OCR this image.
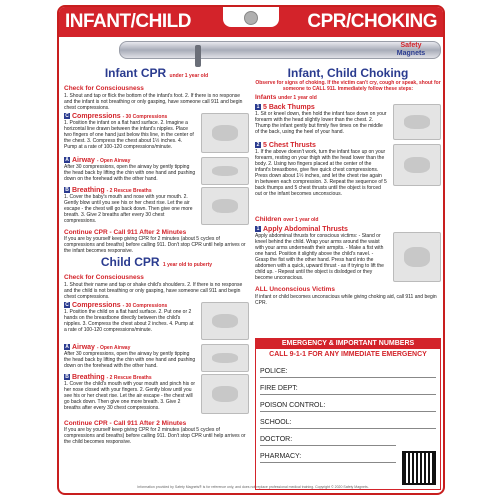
INFANT/CHILD	CPR/CHOKING
Safety
Magnets
Infant CPR under 1 year old
Check for Consciousness
1. Shout and tap or flick the bottom of the infant's foot. 2. If there is no response and the infant is not breathing or only gasping, have someone call 911 and begin chest compressions.
C Compressions - 30 Compressions
1. Position the infant on a flat hard surface. 2. Imagine a horizontal line drawn between the infant's nipples. Place two fingers of one hand just below this line, in the center of the chest. 3. Compress the chest about 1½ inches. 4. Pump at a rate of 100-120 compressions/minute.
A Airway - Open Airway
After 30 compressions, open the airway by gently tipping the head back by lifting the chin with one hand and pushing down on the forehead with the other hand.
B Breathing - 2 Rescue Breaths
1. Cover the baby's mouth and nose with your mouth. 2. Gently blow until you see his or her chest rise. Let the air escape - the chest will go back down. Then give one more breath. 3. Give 2 breaths after every 30 chest compressions.
Continue CPR - Call 911 After 2 Minutes
If you are by yourself keep giving CPR for 2 minutes (about 5 cycles of compressions and breaths) before calling 911. Don't stop CPR until help arrives or the infant becomes responsive.
Child CPR 1 year old to puberty
Check for Consciousness
1. Shout their name and tap or shake child's shoulders. 2. If there is no response and the child is not breathing or only gasping, have someone call 911 and begin chest compressions.
C Compressions - 30 Compressions
1. Position the child on a flat hard surface. 2. Put one or 2 hands on the breastbone directly between the child's nipples. 3. Compress the chest about 2 inches. 4. Pump at a rate of 100-120 compressions/minute.
A Airway - Open Airway
After 30 compressions, open the airway by gently tipping the head back by lifting the chin with one hand and pushing down on the forehead with the other hand.
B Breathing - 2 Rescue Breaths
1. Cover the child's mouth with your mouth and pinch his or her nose closed with your fingers. 2. Gently blow until you see his or her chest rise. Let the air escape - the chest will go back down. Then give one more breath. 3. Give 2 breaths after every 30 chest compressions.
Continue CPR - Call 911 After 2 Minutes
If you are by yourself keep giving CPR for 2 minutes (about 5 cycles of compressions and breaths) before calling 911. Don't stop CPR until help arrives or the child becomes responsive.
Infant, Child Choking
Observe for signs of choking. If the victim can't cry, cough or speak, shout for someone to CALL 911. Immediately follow these steps:
Infants under 1 year old
1 5 Back Thumps
1. Sit or kneel down, then hold the infant face down on your forearm with the head slightly lower than the chest. 2. Thump the infant gently but firmly five times on the middle of the back, using the heel of your hand.
2 5 Chest Thrusts
1. If the above doesn't work, turn the infant face up on your forearm, resting on your thigh with the head lower than the body. 2. Using two fingers placed at the center of the infant's breastbone, give five quick chest compressions. Press down about 1½ inches, and let the chest rise again in between each compression. 3. Repeat the sequence of 5 back thumps and 5 chest thrusts until the object is forced out or the infant becomes unconscious.
Children over 1 year old
1 Apply Abdominal Thrusts
Apply abdominal thrusts for conscious victims: - Stand or kneel behind the child. Wrap your arms around the waist with your arms underneath their armpits. - Make a fist with one hand. Position it slightly above the child's navel. - Grasp the fist with the other hand. Press hard into the abdomen with a quick, upward thrust - as if trying to lift the child up. - Repeat until the object is dislodged or they become unconscious.
ALL Unconscious Victims
If infant or child becomes unconscious while giving choking aid, call 911 and begin CPR.
EMERGENCY & IMPORTANT NUMBERS
CALL 9-1-1 FOR ANY IMMEDIATE EMERGENCY
POLICE:
FIRE DEPT:
POISON CONTROL:
SCHOOL:
DOCTOR:
PHARMACY:
Information provided by Safety Magnets® is for reference only, and does not replace professional medical training. Copyright © 2020 Safety Magnets.
